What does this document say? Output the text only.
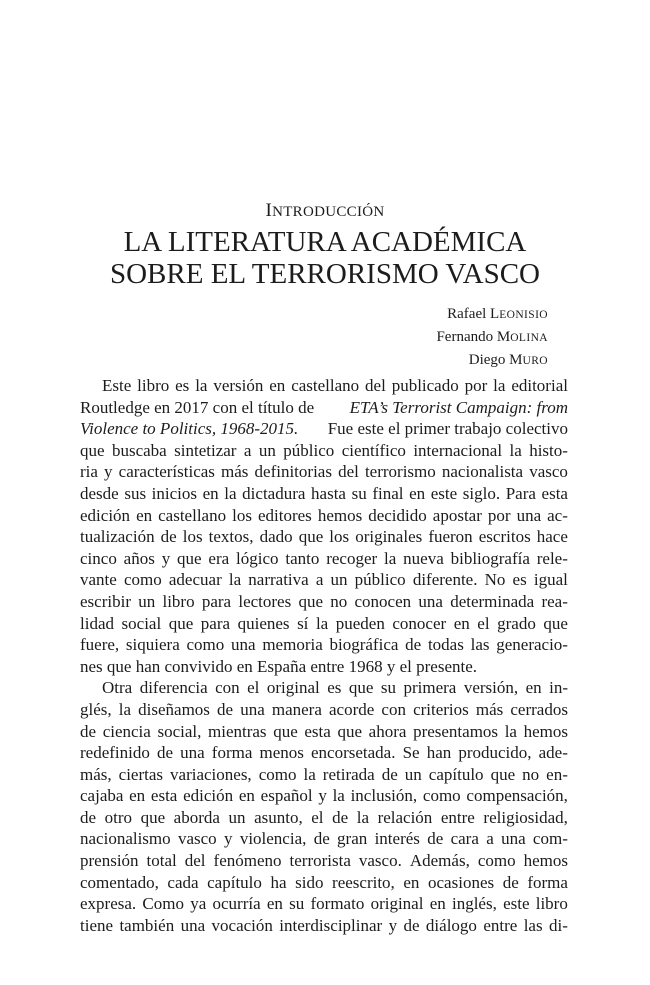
INTRODUCCIÓN
LA LITERATURA ACADÉMICA
SOBRE EL TERRORISMO VASCO
Rafael LEONISIO
Fernando MOLINA
Diego MURO
Este libro es la versión en castellano del publicado por la editorial
Routledge en 2017 con el título de ETA’s Terrorist Campaign: from
Violence to Politics, 1968-2015. Fue este el primer trabajo colectivo
que buscaba sintetizar a un público científico internacional la histo-
ria y características más definitorias del terrorismo nacionalista vasco
desde sus inicios en la dictadura hasta su final en este siglo. Para esta
edición en castellano los editores hemos decidido apostar por una ac-
tualización de los textos, dado que los originales fueron escritos hace
cinco años y que era lógico tanto recoger la nueva bibliografía rele-
vante como adecuar la narrativa a un público diferente. No es igual
escribir un libro para lectores que no conocen una determinada rea-
lidad social que para quienes sí la pueden conocer en el grado que
fuere, siquiera como una memoria biográfica de todas las generacio-
nes que han convivido en España entre 1968 y el presente.
Otra diferencia con el original es que su primera versión, en in-
glés, la diseñamos de una manera acorde con criterios más cerrados
de ciencia social, mientras que esta que ahora presentamos la hemos
redefinido de una forma menos encorsetada. Se han producido, ade-
más, ciertas variaciones, como la retirada de un capítulo que no en-
cajaba en esta edición en español y la inclusión, como compensación,
de otro que aborda un asunto, el de la relación entre religiosidad,
nacionalismo vasco y violencia, de gran interés de cara a una com-
prensión total del fenómeno terrorista vasco. Además, como hemos
comentado, cada capítulo ha sido reescrito, en ocasiones de forma
expresa. Como ya ocurría en su formato original en inglés, este libro
tiene también una vocación interdisciplinar y de diálogo entre las di-
